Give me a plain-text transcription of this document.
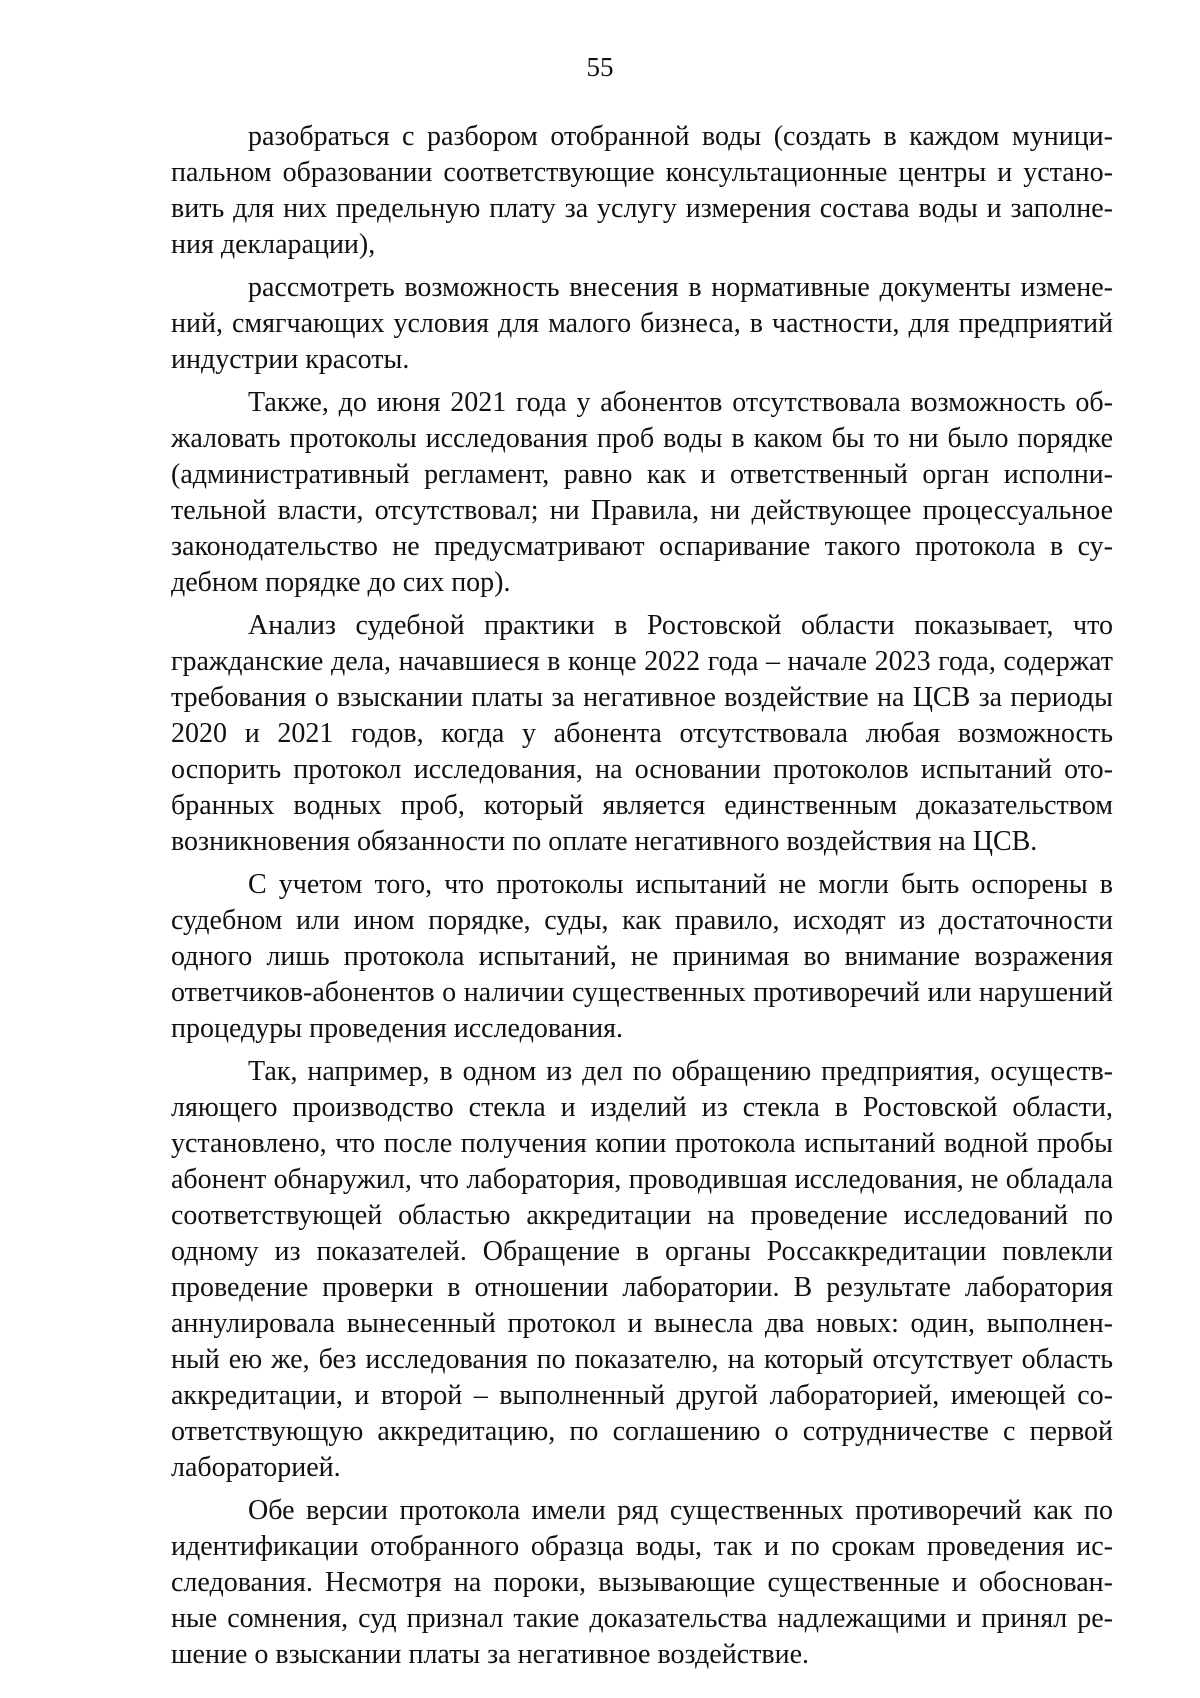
55

разобраться с разбором отобранной воды (создать в каждом муниципальном образовании соответствующие консультационные центры и установить для них предельную плату за услугу измерения состава воды и заполнения декларации),

рассмотреть возможность внесения в нормативные документы изменений, смягчающих условия для малого бизнеса, в частности, для предприятий индустрии красоты.

Также, до июня 2021 года у абонентов отсутствовала возможность обжаловать протоколы исследования проб воды в каком бы то ни было порядке (административный регламент, равно как и ответственный орган исполнительной власти, отсутствовал; ни Правила, ни действующее процессуальное законодательство не предусматривают оспаривание такого протокола в судебном порядке до сих пор).

Анализ судебной практики в Ростовской области показывает, что гражданские дела, начавшиеся в конце 2022 года – начале 2023 года, содержат требования о взыскании платы за негативное воздействие на ЦСВ за периоды 2020 и 2021 годов, когда у абонента отсутствовала любая возможность оспорить протокол исследования, на основании протоколов испытаний отобранных водных проб, который является единственным доказательством возникновения обязанности по оплате негативного воздействия на ЦСВ.

С учетом того, что протоколы испытаний не могли быть оспорены в судебном или ином порядке, суды, как правило, исходят из достаточности одного лишь протокола испытаний, не принимая во внимание возражения ответчиков-абонентов о наличии существенных противоречий или нарушений процедуры проведения исследования.

Так, например, в одном из дел по обращению предприятия, осуществляющего производство стекла и изделий из стекла в Ростовской области, установлено, что после получения копии протокола испытаний водной пробы абонент обнаружил, что лаборатория, проводившая исследования, не обладала соответствующей областью аккредитации на проведение исследований по одному из показателей. Обращение в органы Россаккредитации повлекли проведение проверки в отношении лаборатории. В результате лаборатория аннулировала вынесенный протокол и вынесла два новых: один, выполненный ею же, без исследования по показателю, на который отсутствует область аккредитации, и второй – выполненный другой лабораторией, имеющей соответствующую аккредитацию, по соглашению о сотрудничестве с первой лабораторией.

Обе версии протокола имели ряд существенных противоречий как по идентификации отобранного образца воды, так и по срокам проведения исследования. Несмотря на пороки, вызывающие существенные и обоснованные сомнения, суд признал такие доказательства надлежащими и принял решение о взыскании платы за негативное воздействие.
